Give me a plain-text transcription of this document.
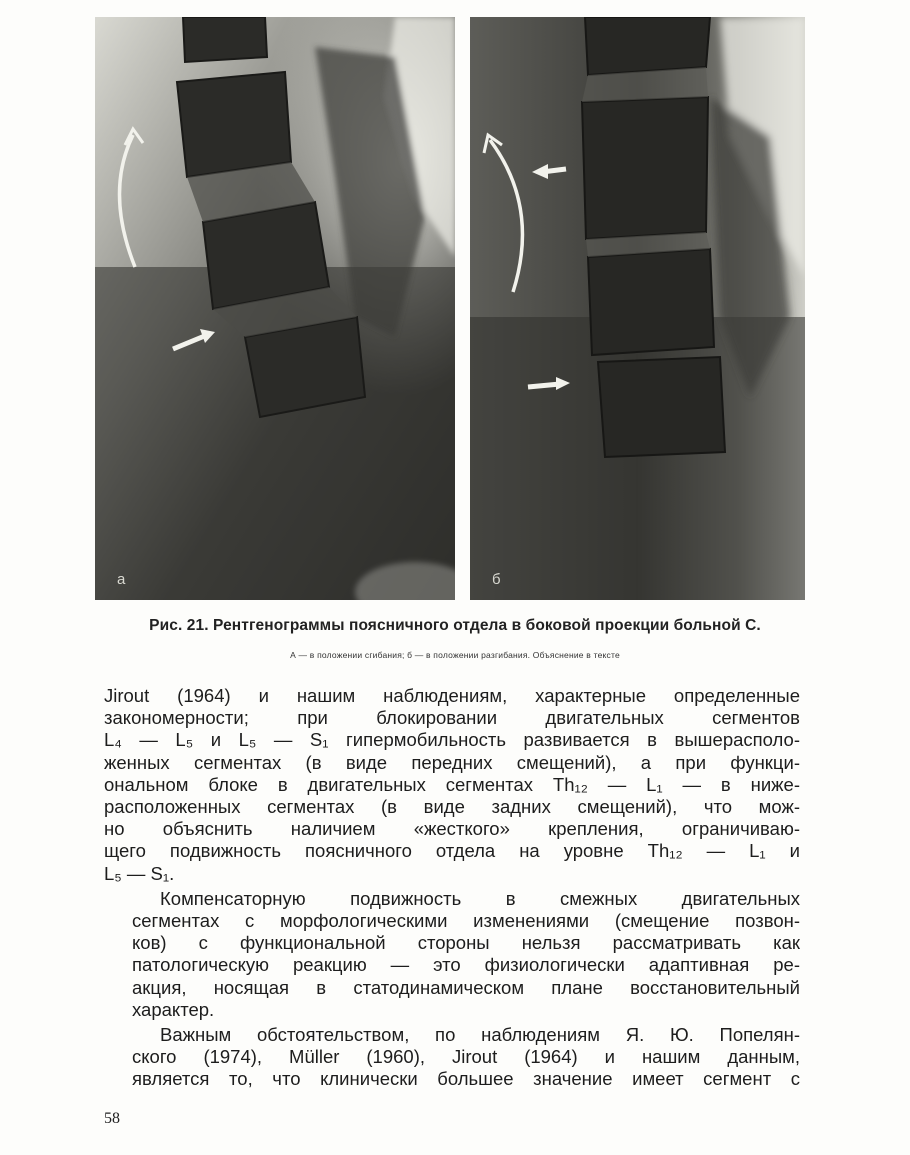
а	б
Рис. 21. Рентгенограммы поясничного отдела в боковой проекции больной С.
А — в положении сгибания; б — в положении разгибания. Объяснение в тексте

Jirout (1964) и нашим наблюдениям, характерные определенные
закономерности; при блокировании двигательных сегментов
L₄ — L₅ и L₅ — S₁ гипермобильность развивается в вышерасполо-
женных сегментах (в виде передних смещений), а при функци-
ональном блоке в двигательных сегментах Th₁₂ — L₁ — в ниже-
расположенных сегментах (в виде задних смещений), что мож-
но объяснить наличием «жесткого» крепления, ограничиваю-
щего подвижность поясничного отдела на уровне Th₁₂ — L₁ и
L₅ — S₁.

Компенсаторную подвижность в смежных двигательных
сегментах с морфологическими изменениями (смещение позвон-
ков) с функциональной стороны нельзя рассматривать как
патологическую реакцию — это физиологически адаптивная ре-
акция, носящая в статодинамическом плане восстановительный
характер.

Важным обстоятельством, по наблюдениям Я. Ю. Попелян-
ского (1974), Müller (1960), Jirout (1964) и нашим данным,
является то, что клинически большее значение имеет сегмент с

58
